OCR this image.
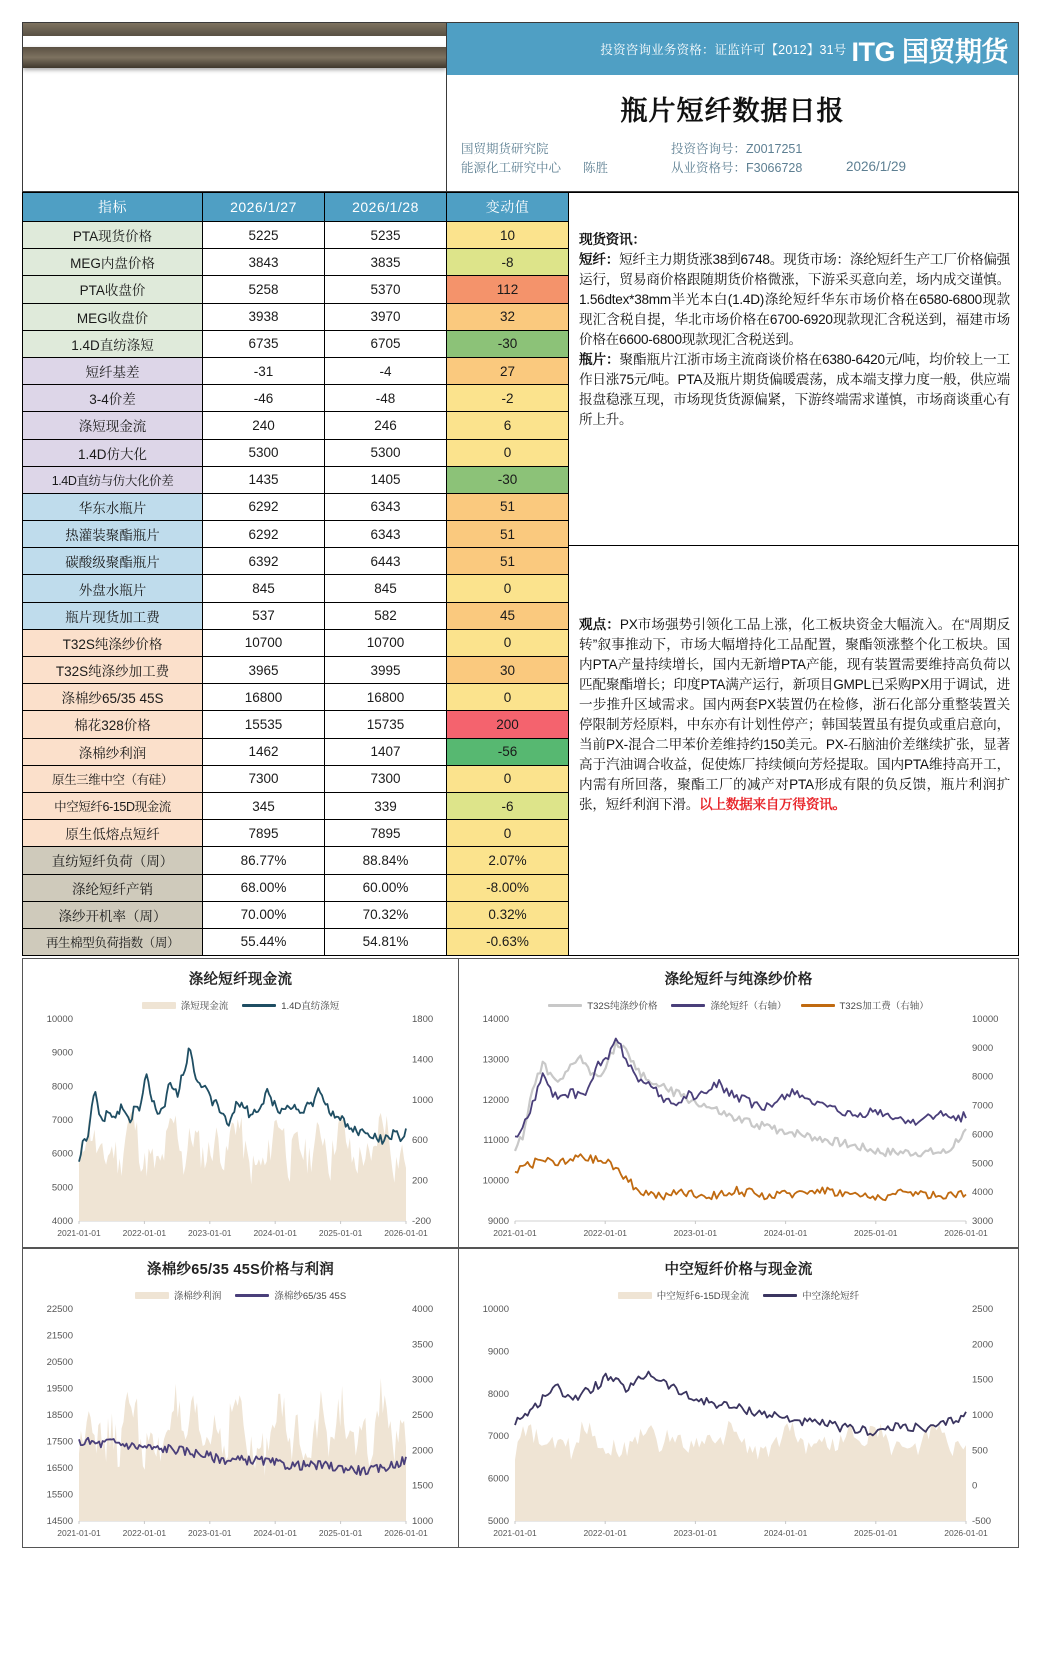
投资咨询业务资格：证监许可【2012】31号 ITG 国贸期货
瓶片短纤数据日报
国贸期货研究院
能源化工研究中心 陈胜
投资咨询号：Z0017251
从业资格号：F3066728	2026/1/29
指标	2026/1/27	2026/1/28	变动值
PTA现货价格	5225	5235	10
MEG内盘价格	3843	3835	-8
PTA收盘价	5258	5370	112
MEG收盘价	3938	3970	32
1.4D直纺涤短	6735	6705	-30
短纤基差	-31	-4	27
3-4价差	-46	-48	-2
涤短现金流	240	246	6
1.4D仿大化	5300	5300	0
1.4D直纺与仿大化价差	1435	1405	-30
华东水瓶片	6292	6343	51
热灌装聚酯瓶片	6292	6343	51
碳酸级聚酯瓶片	6392	6443	51
外盘水瓶片	845	845	0
瓶片现货加工费	537	582	45
T32S纯涤纱价格	10700	10700	0
T32S纯涤纱加工费	3965	3995	30
涤棉纱65/35 45S	16800	16800	0
棉花328价格	15535	15735	200
涤棉纱利润	1462	1407	-56
原生三维中空（有硅）	7300	7300	0
中空短纤6-15D现金流	345	339	-6
原生低熔点短纤	7895	7895	0
直纺短纤负荷（周）	86.77%	88.84%	2.07%
涤纶短纤产销	68.00%	60.00%	-8.00%
涤纱开机率（周）	70.00%	70.32%	0.32%
再生棉型负荷指数（周）	55.44%	54.81%	-0.63%

现货资讯：
短纤：短纤主力期货涨38到6748。现货市场：涤纶短纤生产工厂价格偏强运行，贸易商价格跟随期货价格微涨，下游采买意向差，场内成交谨慎。1.56dtex*38mm半光本白(1.4D)涤纶短纤华东市场价格在6580-6800现款现汇含税自提，华北市场价格在6700-6920现款现汇含税送到，福建市场价格在6600-6800现款现汇含税送到。
瓶片：聚酯瓶片江浙市场主流商谈价格在6380-6420元/吨，均价较上一工作日涨75元/吨。PTA及瓶片期货偏暖震荡，成本端支撑力度一般，供应端报盘稳涨互现，市场现货货源偏紧，下游终端需求谨慎，市场商谈重心有所上升。

观点：PX市场强势引领化工品上涨，化工板块资金大幅流入。在“周期反转”叙事推动下，市场大幅增持化工品配置，聚酯领涨整个化工板块。国内PTA产量持续增长，国内无新增PTA产能，现有装置需要维持高负荷以匹配聚酯增长；印度PTA满产运行，新项目GMPL已采购PX用于调试，进一步推升区域需求。国内两套PX装置仍在检修，浙石化部分重整装置关停限制芳烃原料，中东亦有计划性停产；韩国装置虽有提负或重启意向，当前PX-混合二甲苯价差维持约150美元。PX-石脑油价差继续扩张，显著高于汽油调合收益，促使炼厂持续倾向芳烃提取。国内PTA维持高开工，内需有所回落，聚酯工厂的减产对PTA形成有限的负反馈，瓶片利润扩张，短纤利润下滑。以上数据来自万得资讯。

涤纶短纤现金流
涤短现金流	1.4D直纺涤短
4000
5000
6000
7000
8000
9000
10000
-200
200
600
1000
1400
1800
2021-01-01	2022-01-01	2023-01-01	2024-01-01	2025-01-01	2026-01-01
涤纶短纤与纯涤纱价格
T32S纯涤纱价格	涤纶短纤（右轴）	T32S加工费（右轴）
9000
10000
11000
12000
13000
14000
3000
4000
5000
6000
7000
8000
9000
10000
2021-01-01	2022-01-01	2023-01-01	2024-01-01	2025-01-01	2026-01-01
涤棉纱65/35 45S价格与利润
涤棉纱利润	涤棉纱65/35 45S
14500
15500
16500
17500
18500
19500
20500
21500
22500
1000
1500
2000
2500
3000
3500
4000
2021-01-01	2022-01-01	2023-01-01	2024-01-01	2025-01-01	2026-01-01
中空短纤价格与现金流
中空短纤6-15D现金流	中空涤纶短纤
5000
6000
7000
8000
9000
10000
-500
0
500
1000
1500
2000
2500
2021-01-01	2022-01-01	2023-01-01	2024-01-01	2025-01-01	2026-01-01
